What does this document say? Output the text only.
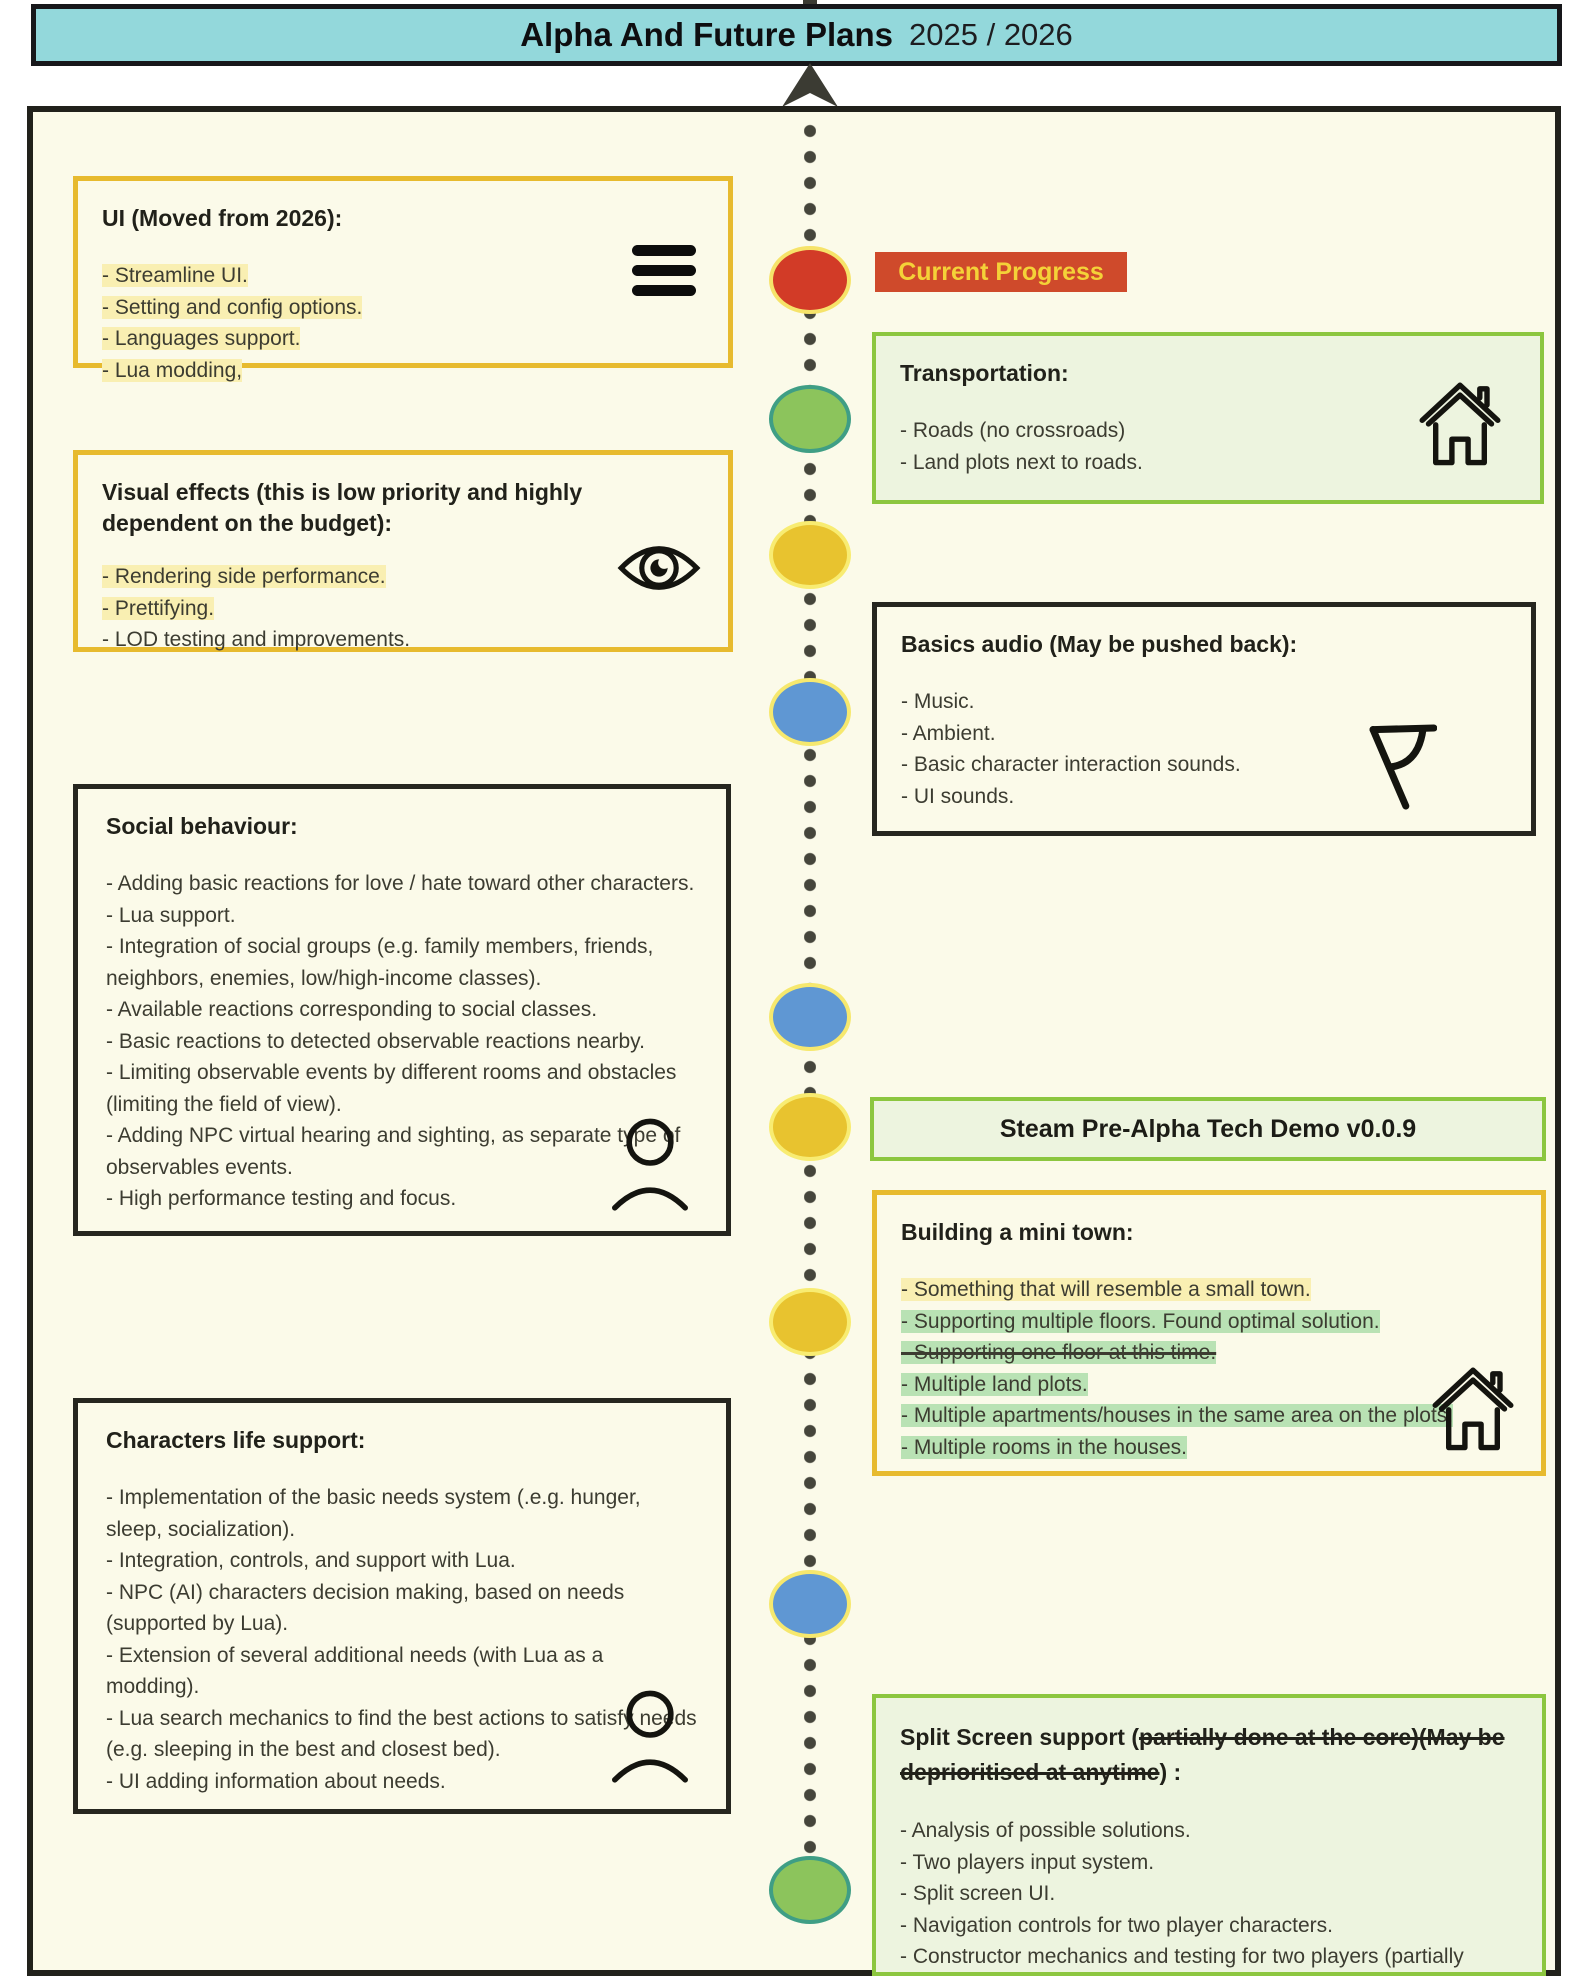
Alpha And Future Plans 2025 / 2026
UI (Moved from 2026):
- Streamline UI.
- Setting and config options.
- Languages support.
- Lua modding,
Visual effects (this is low priority and highly dependent on the budget):
- Rendering side performance.
- Prettifying.
- LOD testing and improvements.
Social behaviour:
- Adding basic reactions for love / hate toward other characters.
- Lua support.
- Integration of social groups (e.g. family members, friends, neighbors, enemies, low/high-income classes).
- Available reactions corresponding to social classes.
- Basic reactions to detected observable reactions nearby.
- Limiting observable events by different rooms and obstacles (limiting the field of view).
- Adding NPC virtual hearing and sighting, as separate type of observables events.
- High performance testing and focus.
Characters life support:
- Implementation of the basic needs system (.e.g. hunger, sleep, socialization).
- Integration, controls, and support with Lua.
- NPC (AI) characters decision making, based on needs (supported by Lua).
- Extension of several additional needs (with Lua as a modding).
- Lua search mechanics to find the best actions to satisfy needs (e.g. sleeping in the best and closest bed).
- UI adding information about needs.
Current Progress
Transportation:
- Roads (no crossroads)
- Land plots next to roads.
Basics audio (May be pushed back):
- Music.
- Ambient.
- Basic character interaction sounds.
- UI sounds.
Steam Pre-Alpha Tech Demo v0.0.9
Building a mini town:
- Something that will resemble a small town.
- Supporting multiple floors. Found optimal solution.
- Supporting one floor at this time.
- Multiple land plots.
- Multiple apartments/houses in the same area on the plots.
- Multiple rooms in the houses.
Split Screen support (partially done at the core)(May be deprioritised at anytime) :
- Analysis of possible solutions.
- Two players input system.
- Split screen UI.
- Navigation controls for two player characters.
- Constructor mechanics and testing for two players (partially
